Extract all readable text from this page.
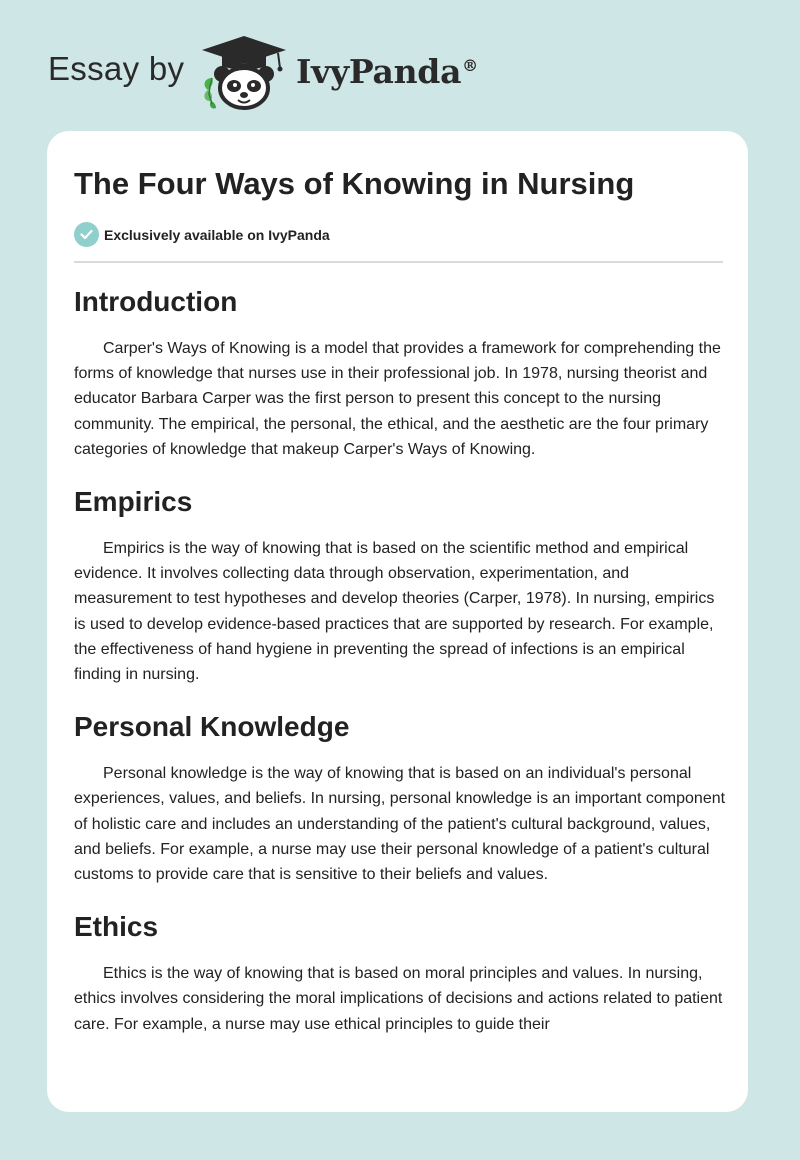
Essay by	IvyPanda®
The Four Ways of Knowing in Nursing
Exclusively available on IvyPanda
Introduction

Carper's Ways of Knowing is a model that provides a framework for comprehending the forms of knowledge that nurses use in their professional job. In 1978, nursing theorist and educator Barbara Carper was the first person to present this concept to the nursing community. The empirical, the personal, the ethical, and the aesthetic are the four primary categories of knowledge that makeup Carper's Ways of Knowing.

Empirics

Empirics is the way of knowing that is based on the scientific method and empirical evidence. It involves collecting data through observation, experimentation, and measurement to test hypotheses and develop theories (Carper, 1978). In nursing, empirics is used to develop evidence-based practices that are supported by research. For example, the effectiveness of hand hygiene in preventing the spread of infections is an empirical finding in nursing.

Personal Knowledge

Personal knowledge is the way of knowing that is based on an individual's personal experiences, values, and beliefs. In nursing, personal knowledge is an important component of holistic care and includes an understanding of the patient's cultural background, values, and beliefs. For example, a nurse may use their personal knowledge of a patient's cultural customs to provide care that is sensitive to their beliefs and values.

Ethics

Ethics is the way of knowing that is based on moral principles and values. In nursing, ethics involves considering the moral implications of decisions and actions related to patient care. For example, a nurse may use ethical principles to guide their
